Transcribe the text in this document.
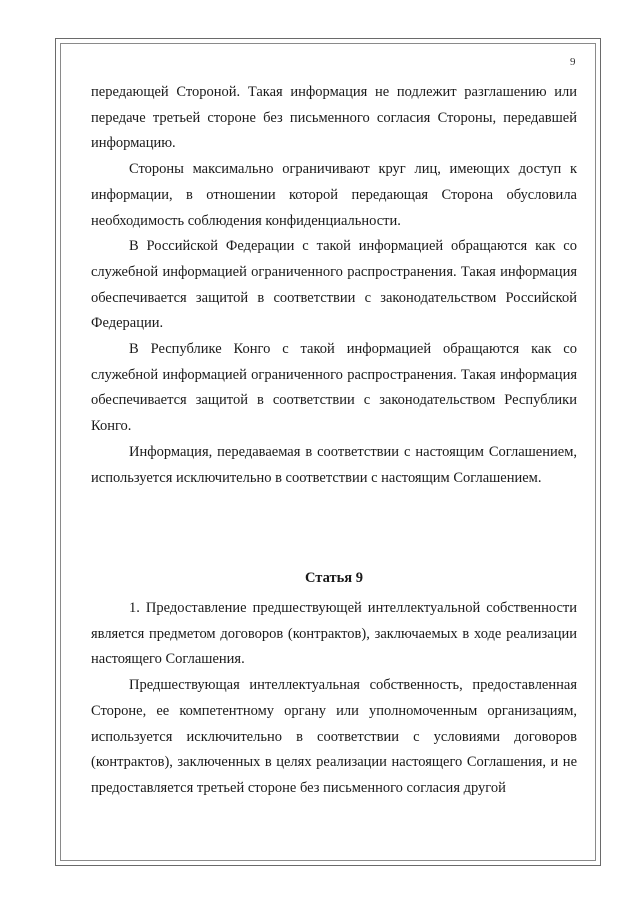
9

передающей Стороной. Такая информация не подлежит разглашению или передаче третьей стороне без письменного согласия Стороны, передавшей информацию.

Стороны максимально ограничивают круг лиц, имеющих доступ к информации, в отношении которой передающая Сторона обусловила необходимость соблюдения конфиденциальности.

В Российской Федерации с такой информацией обращаются как со служебной информацией ограниченного распространения. Такая информация обеспечивается защитой в соответствии с законодательством Российской Федерации.

В Республике Конго с такой информацией обращаются как со служебной информацией ограниченного распространения. Такая информация обеспечивается защитой в соответствии с законодательством Республики Конго.

Информация, передаваемая в соответствии с настоящим Соглашением, используется исключительно в соответствии с настоящим Соглашением.

Статья 9

1. Предоставление предшествующей интеллектуальной собственности является предметом договоров (контрактов), заключаемых в ходе реализации настоящего Соглашения.

Предшествующая интеллектуальная собственность, предоставленная Стороне, ее компетентному органу или уполномоченным организациям, используется исключительно в соответствии с условиями договоров (контрактов), заключенных в целях реализации настоящего Соглашения, и не предоставляется третьей стороне без письменного согласия другой
